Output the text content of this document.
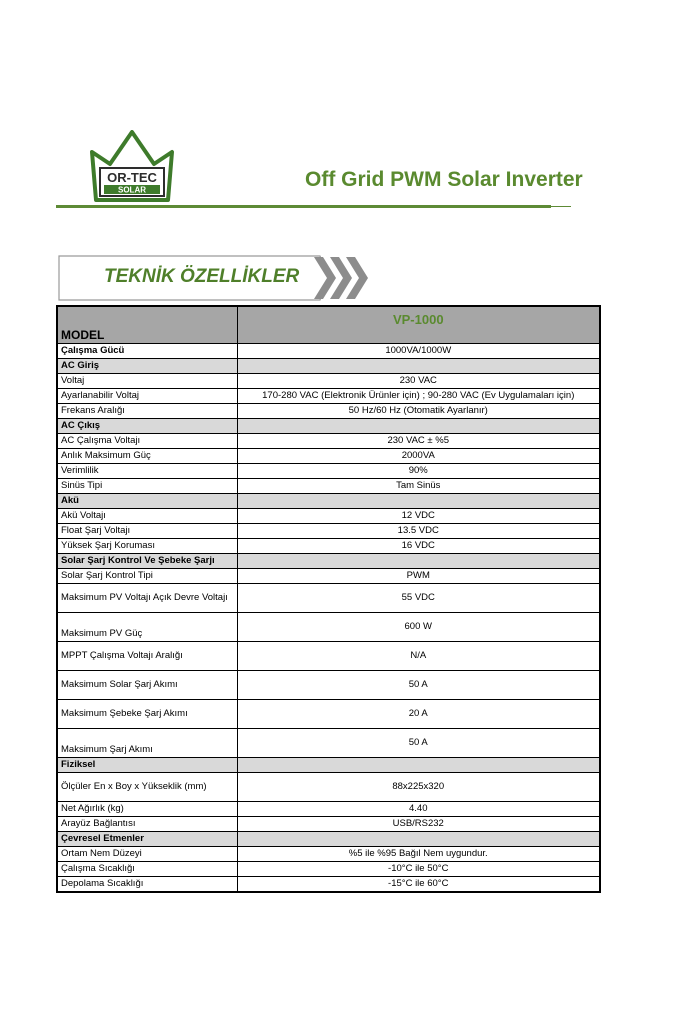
OR-TEC
SOLAR	Off Grid PWM Solar Inverter
TEKNİK ÖZELLİKLER
MODEL	VP-1000
Çalışma Gücü	1000VA/1000W
AC Giriş	
Voltaj	230 VAC
Ayarlanabilir Voltaj	170-280 VAC (Elektronik Ürünler için) ; 90-280 VAC (Ev Uygulamaları için)
Frekans Aralığı	50 Hz/60 Hz (Otomatik Ayarlanır)
AC Çıkış	
AC Çalışma Voltajı	230 VAC ± %5
Anlık Maksimum Güç	2000VA
Verimlilik	90%
Sinüs Tipi	Tam Sinüs
Akü	
Akü Voltajı	12 VDC
Float Şarj Voltajı	13.5 VDC
Yüksek Şarj Koruması	16 VDC
Solar Şarj Kontrol Ve Şebeke Şarjı	
Solar Şarj Kontrol Tipi	PWM
Maksimum PV Voltajı Açık Devre Voltajı	55 VDC
Maksimum PV Güç	600 W
MPPT Çalışma Voltajı Aralığı	N/A
Maksimum Solar Şarj Akımı	50 A
Maksimum Şebeke Şarj Akımı	20 A
Maksimum Şarj Akımı	50 A
Fiziksel	
Ölçüler En x Boy x Yükseklik (mm)	88x225x320
Net Ağırlık (kg)	4.40
Arayüz Bağlantısı	USB/RS232
Çevresel Etmenler	
Ortam Nem Düzeyi	%5 ile %95 Bağıl Nem uygundur.
Çalışma Sıcaklığı	-10°C ile 50°C
Depolama Sıcaklığı	-15°C ile 60°C
